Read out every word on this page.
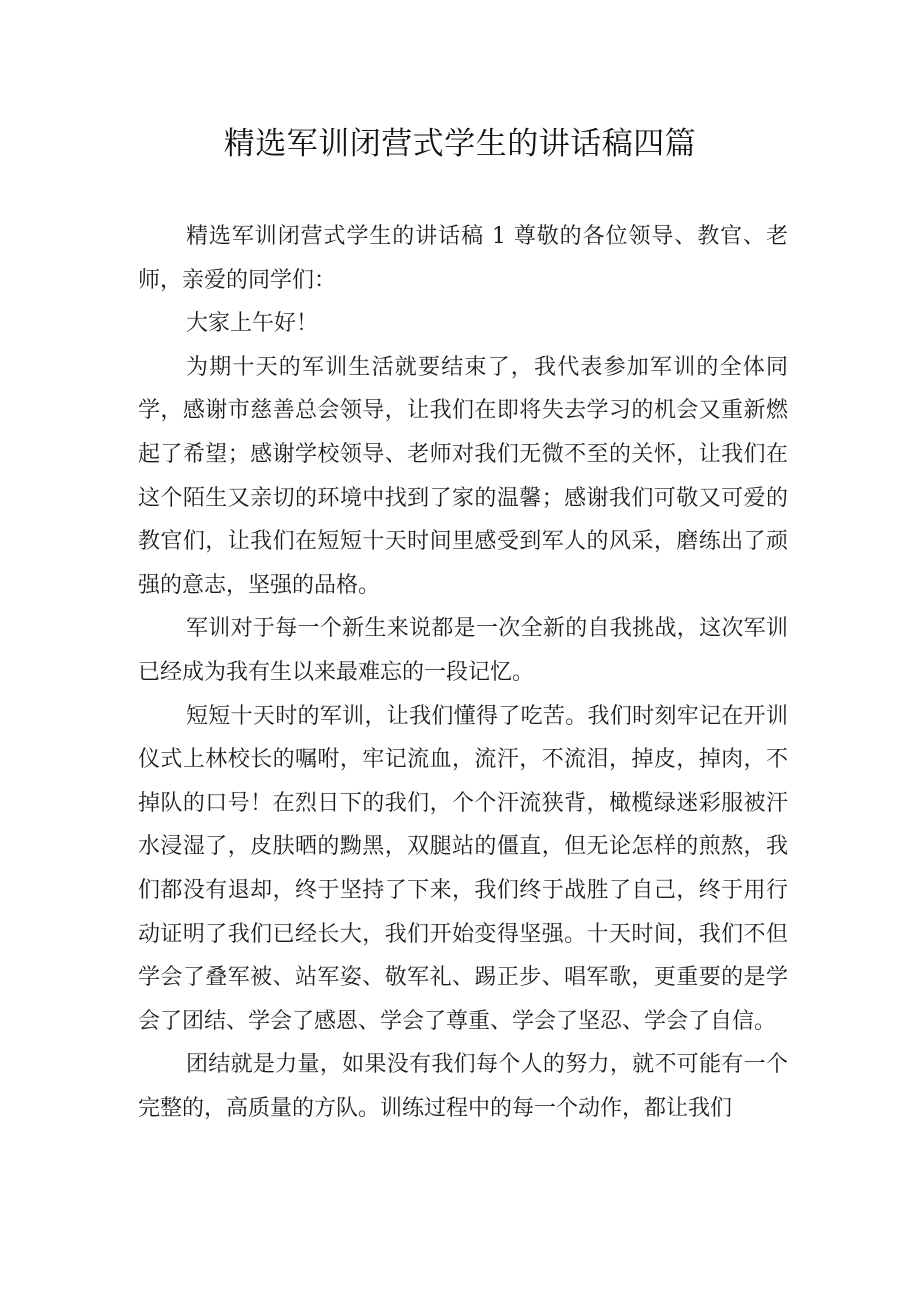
精选军训闭营式学生的讲话稿四篇

精选军训闭营式学生的讲话稿 1 尊敬的各位领导、教官、老师，亲爱的同学们：

大家上午好！

为期十天的军训生活就要结束了，我代表参加军训的全体同学，感谢市慈善总会领导，让我们在即将失去学习的机会又重新燃起了希望；感谢学校领导、老师对我们无微不至的关怀，让我们在这个陌生又亲切的环境中找到了家的温馨；感谢我们可敬又可爱的教官们，让我们在短短十天时间里感受到军人的风采，磨练出了顽强的意志，坚强的品格。

军训对于每一个新生来说都是一次全新的自我挑战，这次军训已经成为我有生以来最难忘的一段记忆。

短短十天时的军训，让我们懂得了吃苦。我们时刻牢记在开训仪式上林校长的嘱咐，牢记流血，流汗，不流泪，掉皮，掉肉，不掉队的口号！在烈日下的我们，个个汗流狭背，橄榄绿迷彩服被汗水浸湿了，皮肤晒的黝黑，双腿站的僵直，但无论怎样的煎熬，我们都没有退却，终于坚持了下来，我们终于战胜了自己，终于用行动证明了我们已经长大，我们开始变得坚强。十天时间，我们不但学会了叠军被、站军姿、敬军礼、踢正步、唱军歌，更重要的是学会了团结、学会了感恩、学会了尊重、学会了坚忍、学会了自信。

团结就是力量，如果没有我们每个人的努力，就不可能有一个完整的，高质量的方队。训练过程中的每一个动作，都让我们
